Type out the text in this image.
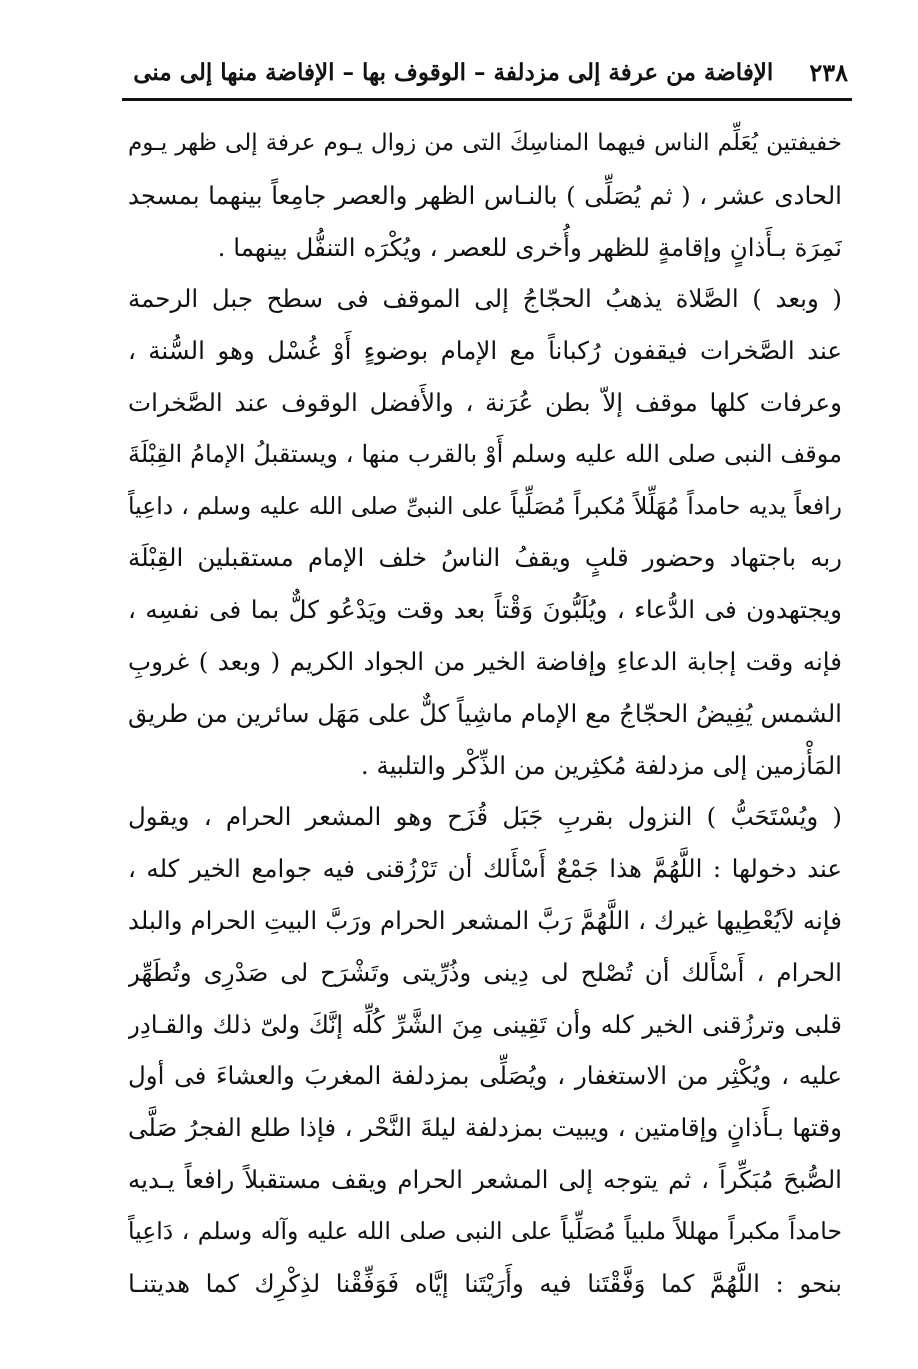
٢٣٨
الإفاضة من عرفة إلى مزدلفة – الوقوف بها – الإفاضة منها إلى منى
خفيفتين يُعَلِّم الناس فيهما المناسِكَ التى من زوال يـوم عرفة إلى ظهر يـوم
الحادى عشر ، ( ثم يُصَلِّى ) بالنـاس الظهر والعصر جامِعاً بينهما بمسجد
نَمِرَة بـأَذانٍ وإقامةٍ للظهر وأُخرى للعصر ، ويُكْرَه التنفُّل بينهما .
( وبعد ) الصَّلاة يذهبُ الحجّاجُ إلى الموقف فى سطح جبل الرحمة
عند الصَّخرات فيقفون رُكباناً مع الإمام بوضوءٍ أَوْ غُسْل وهو السُّنة ،
وعرفات كلها موقف إلاّ بطن عُرَنة ، والأَفضل الوقوف عند الصَّخرات
موقف النبى صلى الله عليه وسلم أَوْ بالقرب منها ، ويستقبلُ الإمامُ القِبْلَةَ
رافعاً يديه حامداً مُهَلِّلاً مُكبراً مُصَلِّياً على النبىِّ صلى الله عليه وسلم ، داعِياً
ربه باجتهاد وحضور قلبٍ ويقفُ الناسُ خلف الإمام مستقبلين القِبْلَة
ويجتهدون فى الدُّعاء ، ويُلَبُّونَ وَقْتاً بعد وقت ويَدْعُو كلٌّ بما فى نفسِه ،
فإنه وقت إجابة الدعاءِ وإفاضة الخير من الجواد الكريم ( وبعد ) غروبِ
الشمس يُفِيضُ الحجّاجُ مع الإمام ماشِياً كلٌّ على مَهَل سائرين من طريق
المَأْزمين إلى مزدلفة مُكثِرين من الذِّكْر والتلبية .
( ويُسْتَحَبُّ ) النزول بقربِ جَبَل قُزَح وهو المشعر الحرام ، ويقول
عند دخولها : اللَّهُمَّ هذا جَمْعٌ أَسْأَلك أن تَرْزُقنى فيه جوامع الخير كله ،
فإنه لاَيُعْطِيها غيرك ، اللَّهُمَّ رَبَّ المشعر الحرام ورَبَّ البيتِ الحرام والبلد
الحرام ، أَسْأَلك أن تُصْلح لى دِينى وذُرِّيتى وتَشْرَح لى صَدْرِى وتُطَهِّر
قلبى وترزُقنى الخير كله وأن تَقِينى مِنَ الشَّرِّ كُلِّه إنَّكَ ولىّ ذلك والقـادِر
عليه ، ويُكْثِر من الاستغفار ، ويُصَلِّى بمزدلفة المغربَ والعشاءَ فى أول
وقتها بـأَذانٍ وإقامتين ، ويبيت بمزدلفة ليلةَ النَّحْر ، فإذا طلع الفجرُ صَلَّى
الصُّبحَ مُبَكِّراً ، ثم يتوجه إلى المشعر الحرام ويقف مستقبلاً رافعاً يـديه
حامداً مكبراً مهللاً ملبياً مُصَلِّياً على النبى صلى الله عليه وآله وسلم ، دَاعِياً
بنحو : اللَّهُمَّ كما وَفَّقْتَنا فيه وأَرَيْتَنا إيَّاه فَوَفِّقْنا لذِكْرِك كما هديتنـا
